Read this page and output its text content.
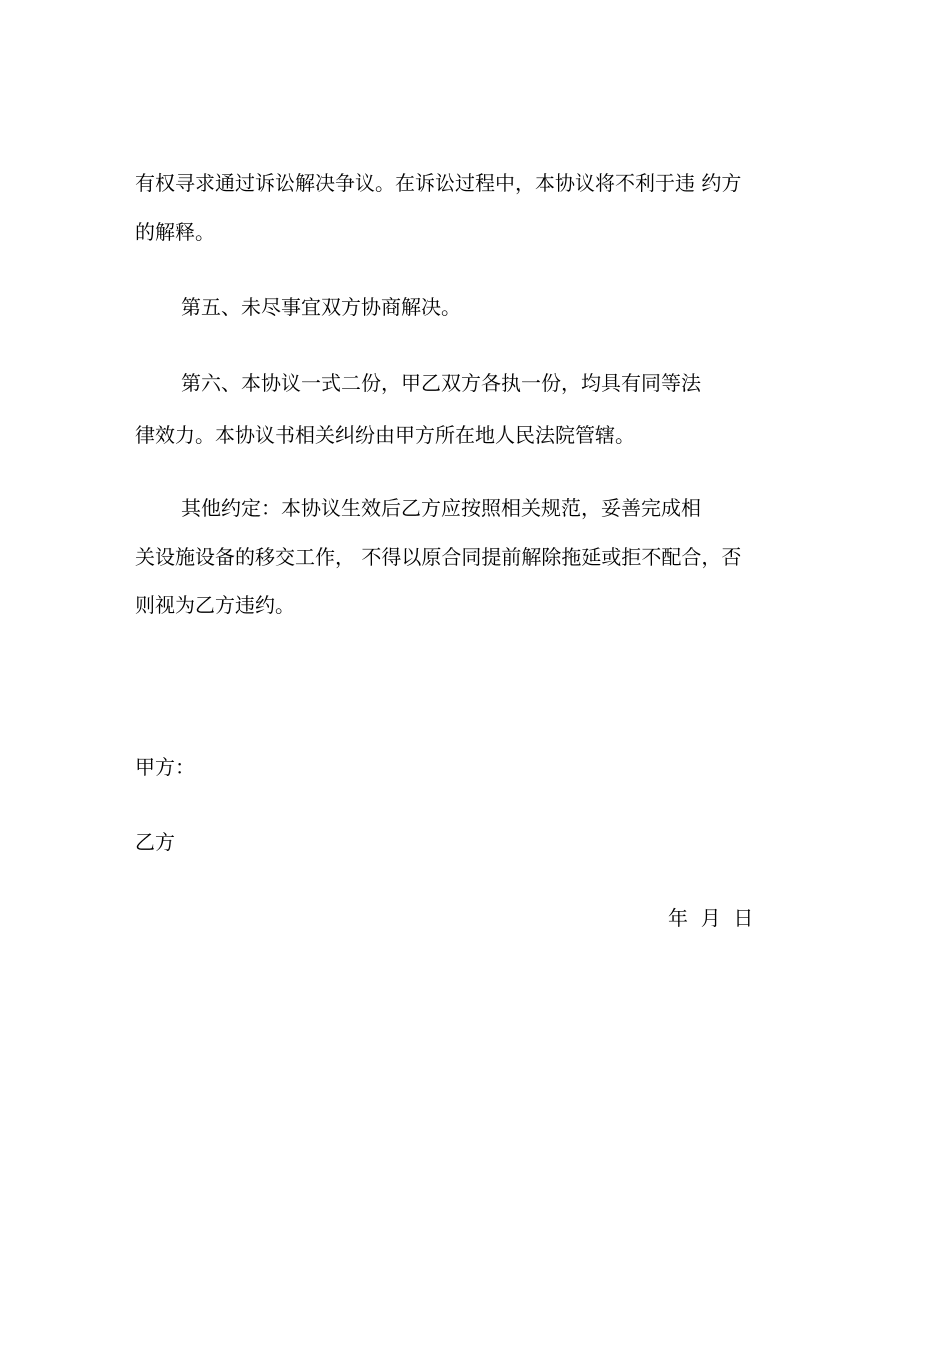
有权寻求通过诉讼解决争议。在诉讼过程中，本协议将不利于违 约方

的解释。

第五、未尽事宜双方协商解决。

第六、本协议一式二份，甲乙双方各执一份，均具有同等法

律效力。本协议书相关纠纷由甲方所在地人民法院管辖。

其他约定：本协议生效后乙方应按照相关规范，妥善完成相

关设施设备的移交工作， 不得以原合同提前解除拖延或拒不配合，否

则视为乙方违约。

甲方：

乙方

年  月  日
